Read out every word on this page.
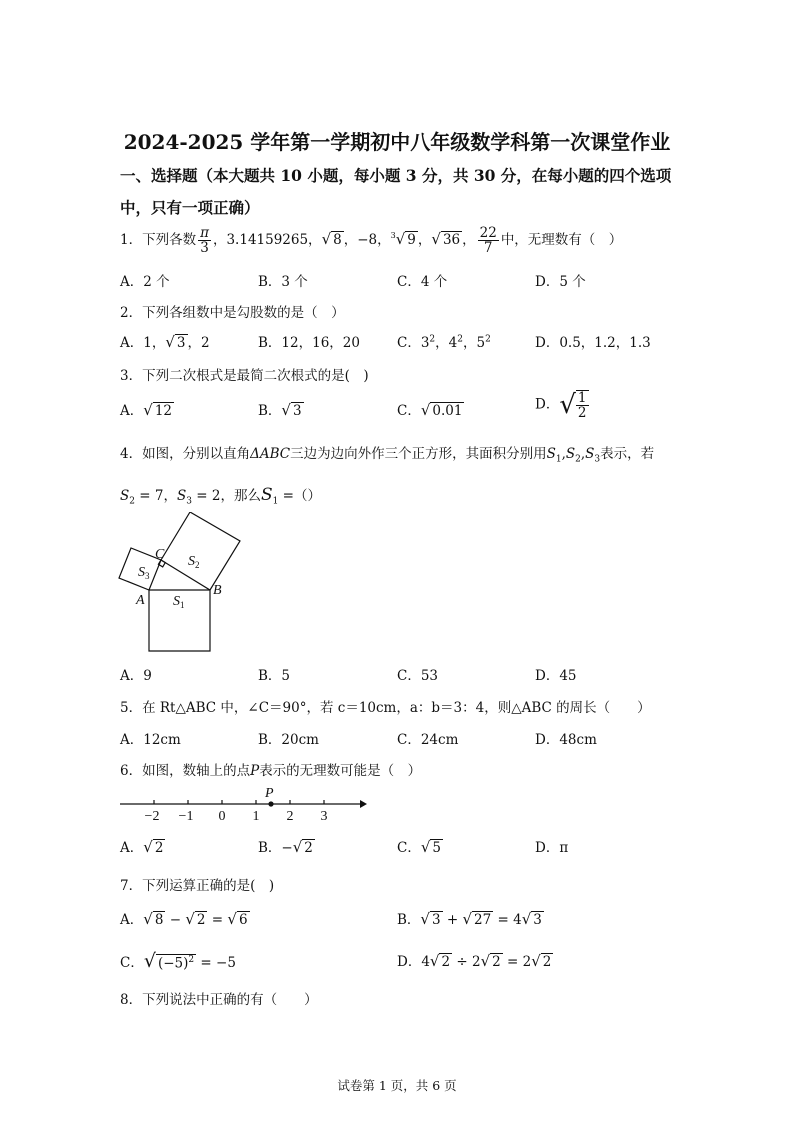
2024-2025 学年第一学期初中八年级数学科第一次课堂作业
一、选择题（本大题共 10 小题，每小题 3 分，共 30 分，在每小题的四个选项
中，只有一项正确）
1．下列各数 $\frac{\pi}{3}$ ，3.14159265，√ 8 ，−8，$^3$√ 9 ，√ 36 ， $\frac{22}{7}$ 中，无理数有（　）
A．2 个	B．3 个	C．4 个	D．5 个
2．下列各组数中是勾股数的是（　）
A．1，√ 3 ，2	B．12，16，20	C．$3^2$，$4^2$，$5^2$	D．0.5，1.2，1.3
3．下列二次根式是最简二次根式的是(　)
A．√ 12	B．√ 3	C．√ 0.01	D．√ $\frac{1}{2}$
4．如图，分别以直角ΔABC三边为边向外作三个正方形，其面积分别用$S_1,S_2,S_3$表示，若
$S_2 = 7$，$S_3 = 2$，那么$S_1$ =（）
C
A
B
$S_1$
$S_2$
$S_3$
A．9	B．5	C．53	D．45
5．在 Rt△ABC 中，∠C＝90°，若 c＝10cm，a：b＝3：4，则△ABC 的周长（　　）
A．12cm	B．20cm	C．24cm	D．48cm
6．如图，数轴上的点P表示的无理数可能是（　）
P
−2 −1 0 1 2 3
A．√ 2	B．−√ 2	C．√ 5	D．π
7．下列运算正确的是(　)
A．√ 8 − √ 2 = √ 6	B．√ 3 + √ 27 = 4√ 3
C．√ $(-5)^2 = -5$	D．4√ 2 ÷ 2√ 2 = 2√ 2
8．下列说法中正确的有（　　）
试卷第 1 页，共 6 页
